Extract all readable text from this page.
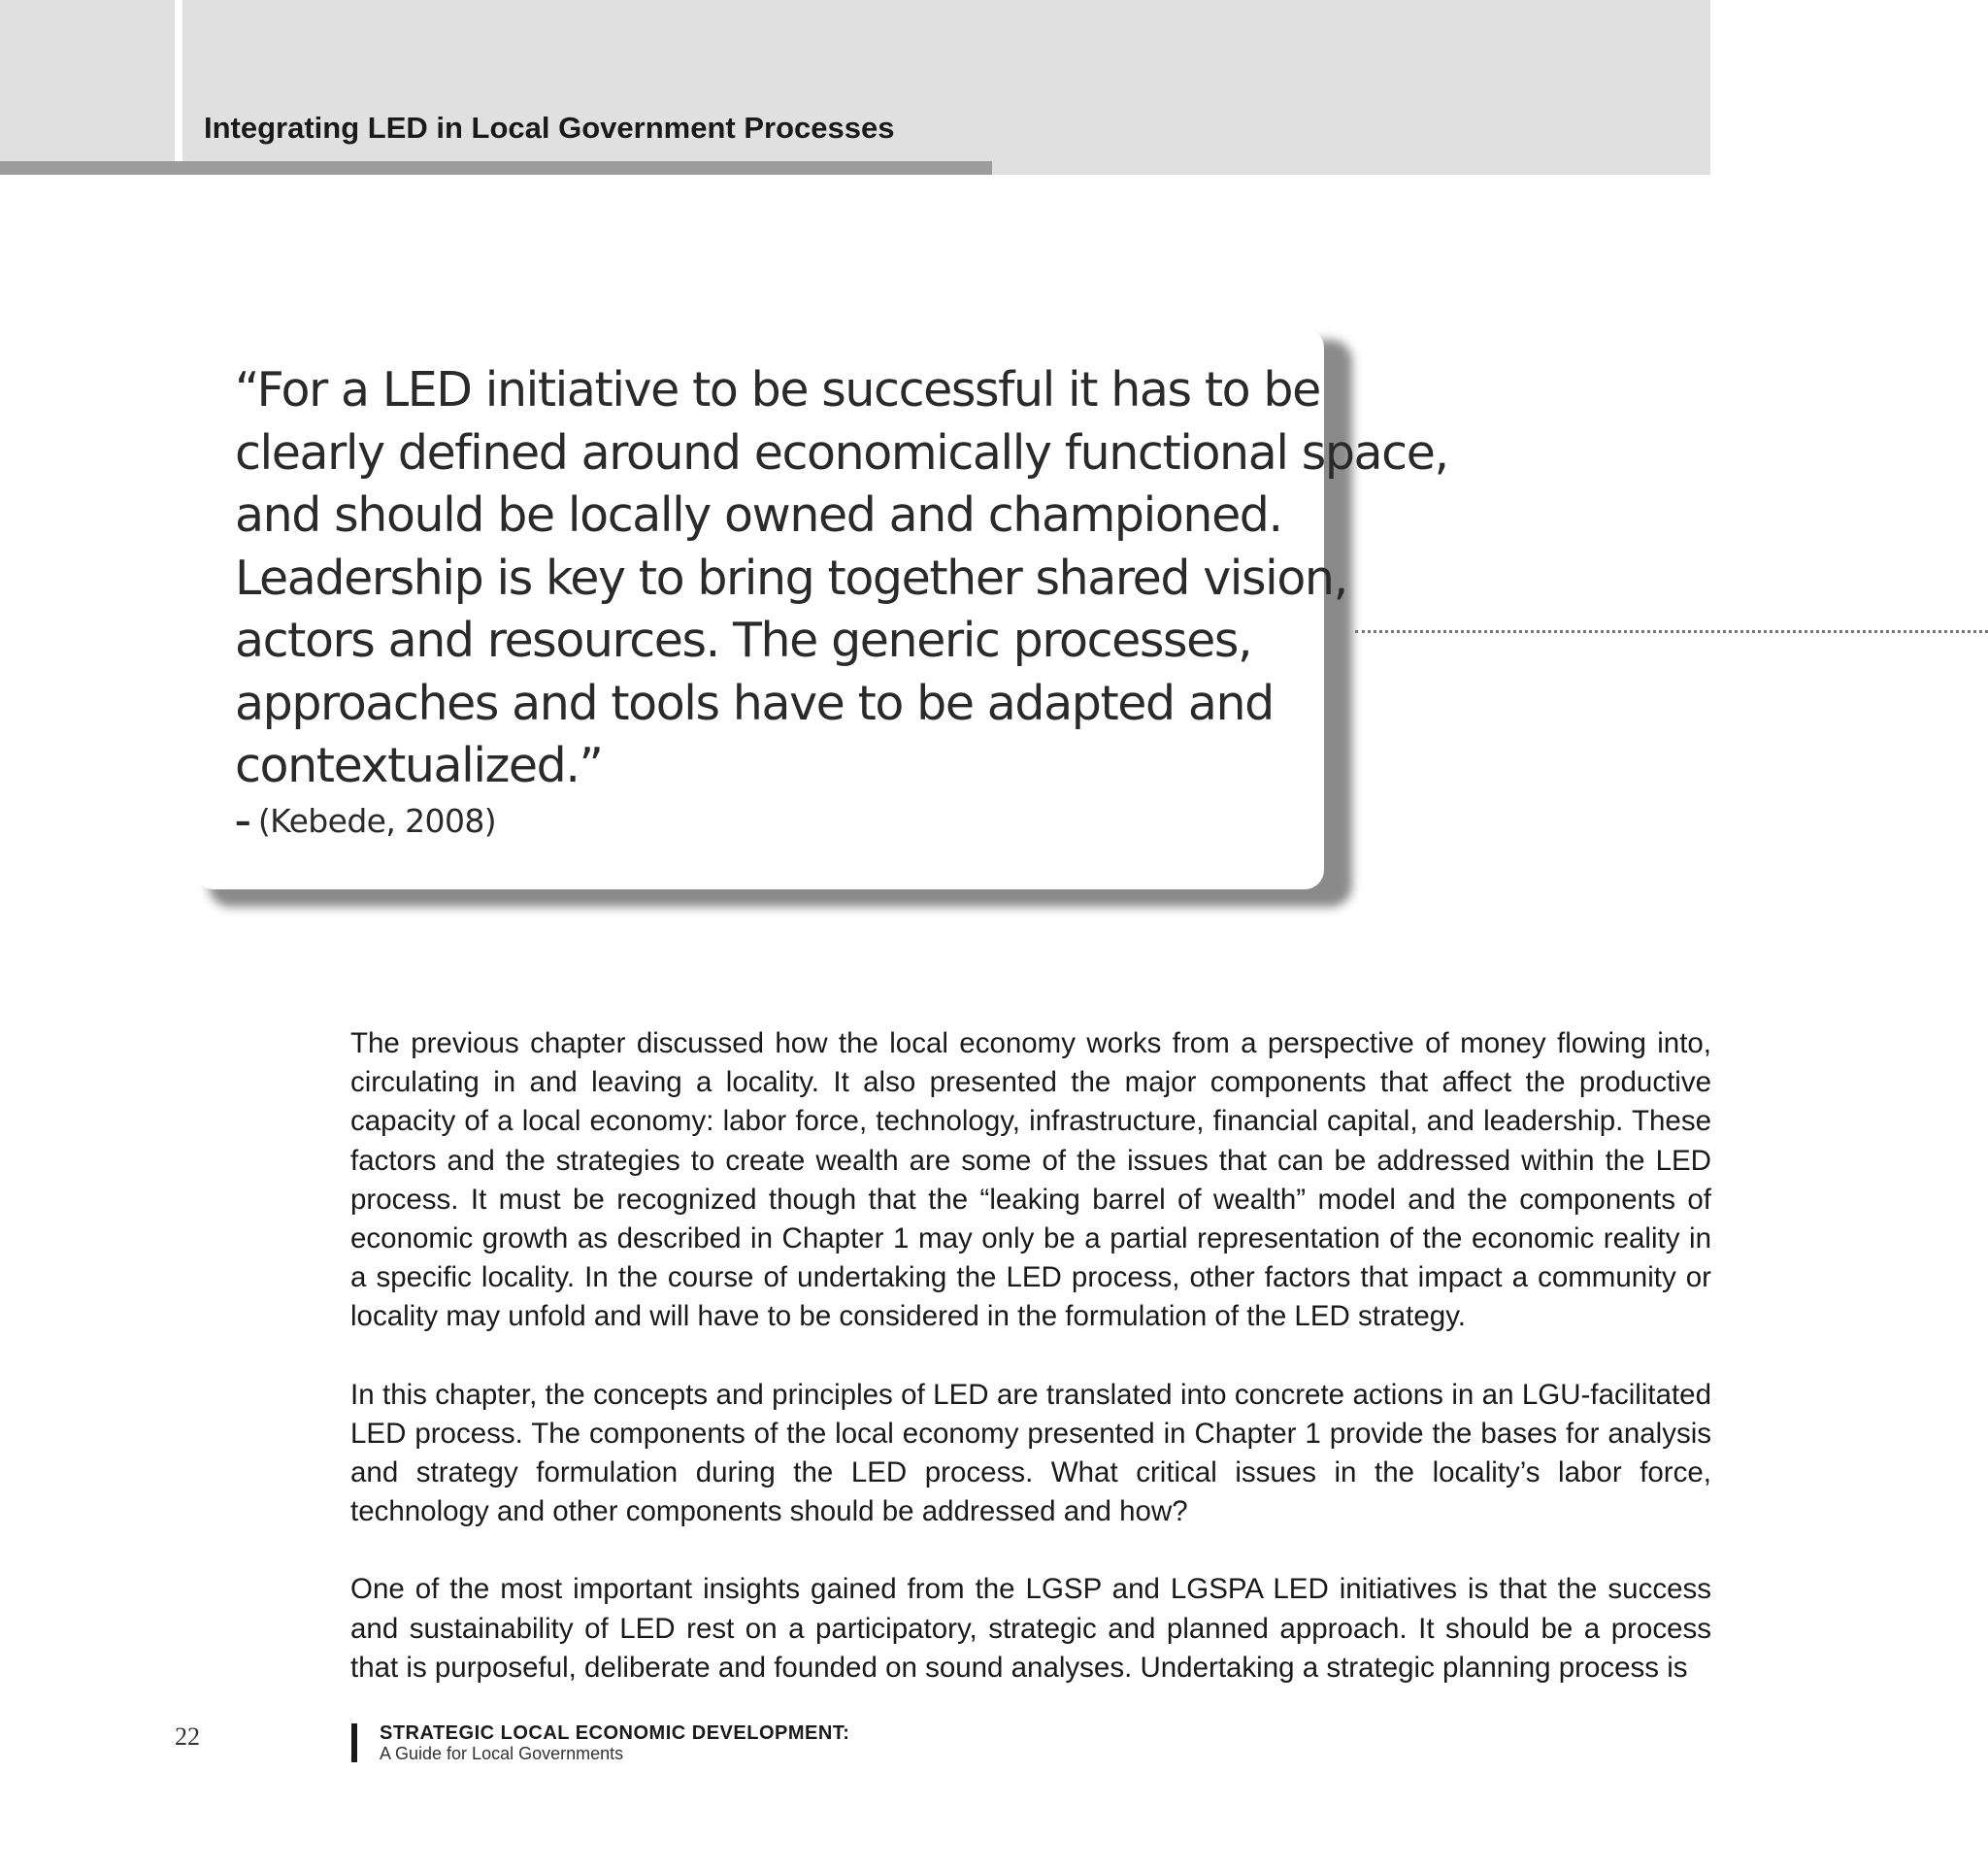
Integrating LED in Local Government Processes
“For a LED initiative to be successful it has to be
clearly defined around economically functional space,
and should be locally owned and championed.
Leadership is key to bring together shared vision,
actors and resources. The generic processes,
approaches and tools have to be adapted and
contextualized.”
– (Kebede, 2008)

The previous chapter discussed how the local economy works from a perspective of money flowing into, circulating in and leaving a locality. It also presented the major components that affect the productive capacity of a local economy: labor force, technology, infrastructure, financial capital, and leadership. These factors and the strategies to create wealth are some of the issues that can be addressed within the LED process. It must be recognized though that the “leaking barrel of wealth” model and the components of economic growth as described in Chapter 1 may only be a partial representation of the economic reality in a specific locality. In the course of undertaking the LED process, other factors that impact a community or locality may unfold and will have to be considered in the formulation of the LED strategy.

In this chapter, the concepts and principles of LED are translated into concrete actions in an LGU-facilitated LED process. The components of the local economy presented in Chapter 1 provide the bases for analysis and strategy formulation during the LED process. What critical issues in the locality’s labor force, technology and other components should be addressed and how?

One of the most important insights gained from the LGSP and LGSPA LED initiatives is that the success and sustainability of LED rest on a participatory, strategic and planned approach. It should be a process that is purposeful, deliberate and founded on sound analyses. Undertaking a strategic planning process is

22	STRATEGIC LOCAL ECONOMIC DEVELOPMENT:
A Guide for Local Governments
